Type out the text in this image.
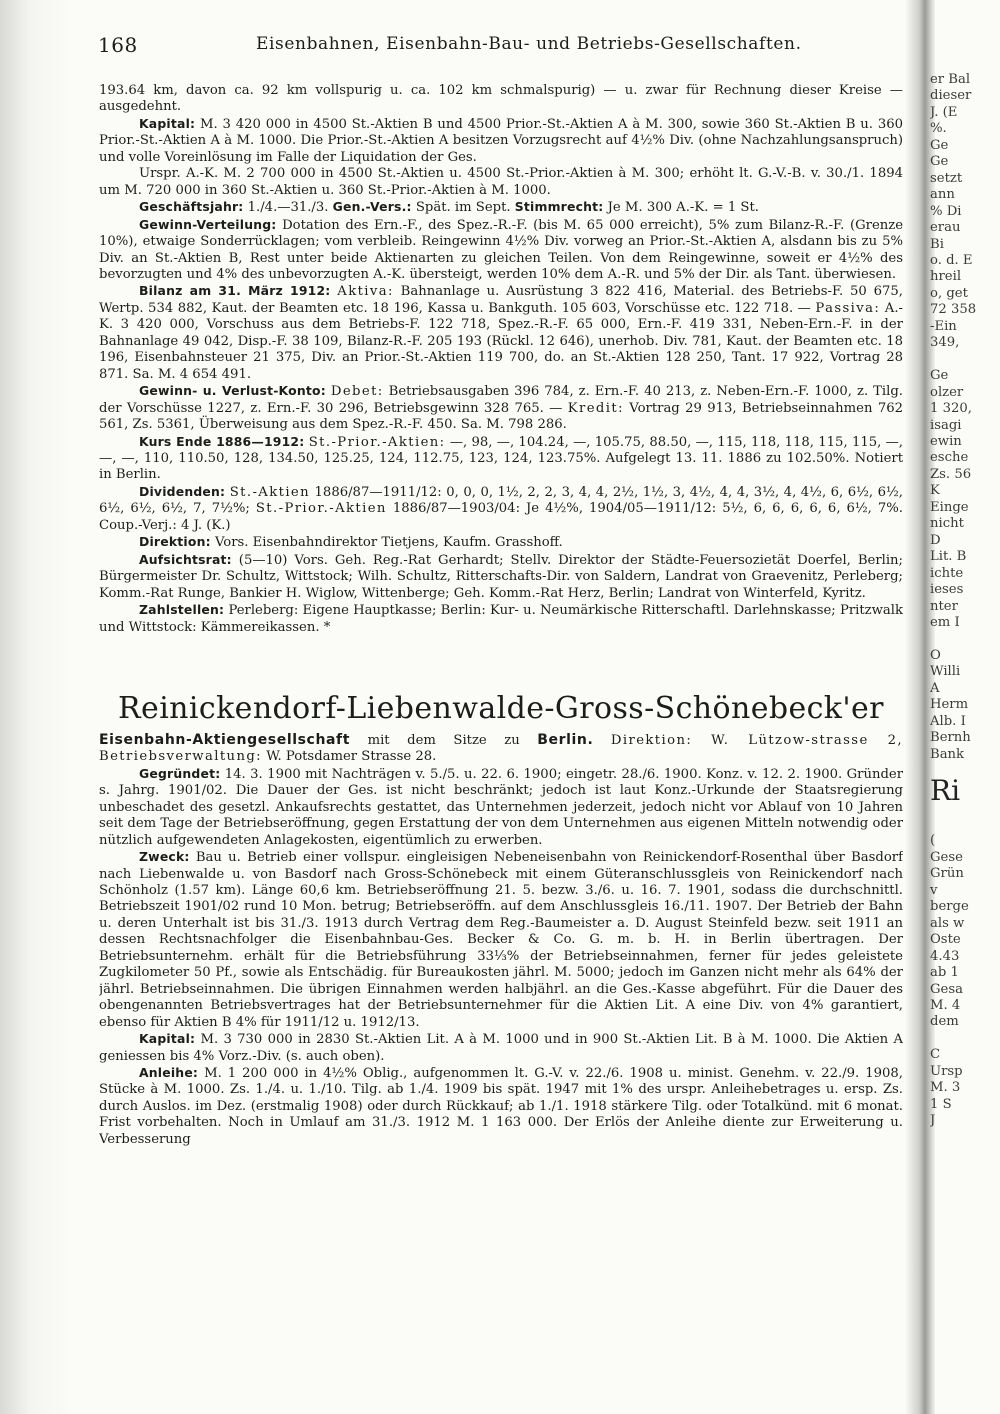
168	Eisenbahnen, Eisenbahn-Bau- und Betriebs-Gesellschaften.

193.64 km, davon ca. 92 km vollspurig u. ca. 102 km schmalspurig) — u. zwar für Rechnung dieser Kreise — ausgedehnt.

Kapital: M. 3 420 000 in 4500 St.-Aktien B und 4500 Prior.-St.-Aktien A à M. 300, sowie 360 St.-Aktien B u. 360 Prior.-St.-Aktien A à M. 1000. Die Prior.-St.-Aktien A besitzen Vorzugsrecht auf 4½% Div. (ohne Nachzahlungsanspruch) und volle Voreinlösung im Falle der Liquidation der Ges.

Urspr. A.-K. M. 2 700 000 in 4500 St.-Aktien u. 4500 St.-Prior.-Aktien à M. 300; erhöht lt. G.-V.-B. v. 30./1. 1894 um M. 720 000 in 360 St.-Aktien u. 360 St.-Prior.-Aktien à M. 1000.

Geschäftsjahr: 1./4.—31./3. Gen.-Vers.: Spät. im Sept. Stimmrecht: Je M. 300 A.-K. = 1 St.

Gewinn-Verteilung: Dotation des Ern.-F., des Spez.-R.-F. (bis M. 65 000 erreicht), 5% zum Bilanz-R.-F. (Grenze 10%), etwaige Sonderrücklagen; vom verbleib. Reingewinn 4½% Div. vorweg an Prior.-St.-Aktien A, alsdann bis zu 5% Div. an St.-Aktien B, Rest unter beide Aktienarten zu gleichen Teilen. Von dem Reingewinne, soweit er 4½% des bevorzugten und 4% des unbevorzugten A.-K. übersteigt, werden 10% dem A.-R. und 5% der Dir. als Tant. überwiesen.

Bilanz am 31. März 1912: Aktiva: Bahnanlage u. Ausrüstung 3 822 416, Material. des Betriebs-F. 50 675, Wertp. 534 882, Kaut. der Beamten etc. 18 196, Kassa u. Bankguth. 105 603, Vorschüsse etc. 122 718. — Passiva: A.-K. 3 420 000, Vorschuss aus dem Betriebs-F. 122 718, Spez.-R.-F. 65 000, Ern.-F. 419 331, Neben-Ern.-F. in der Bahnanlage 49 042, Disp.-F. 38 109, Bilanz-R.-F. 205 193 (Rückl. 12 646), unerhob. Div. 781, Kaut. der Beamten etc. 18 196, Eisenbahnsteuer 21 375, Div. an Prior.-St.-Aktien 119 700, do. an St.-Aktien 128 250, Tant. 17 922, Vortrag 28 871. Sa. M. 4 654 491.

Gewinn- u. Verlust-Konto: Debet: Betriebsausgaben 396 784, z. Ern.-F. 40 213, z. Neben-Ern.-F. 1000, z. Tilg. der Vorschüsse 1227, z. Ern.-F. 30 296, Betriebsgewinn 328 765. — Kredit: Vortrag 29 913, Betriebseinnahmen 762 561, Zs. 5361, Überweisung aus dem Spez.-R.-F. 450. Sa. M. 798 286.

Kurs Ende 1886—1912: St.-Prior.-Aktien: —, 98, —, 104.24, —, 105.75, 88.50, —, 115, 118, 118, 115, 115, —, —, —, 110, 110.50, 128, 134.50, 125.25, 124, 112.75, 123, 124, 123.75%. Aufgelegt 13. 11. 1886 zu 102.50%. Notiert in Berlin.

Dividenden: St.-Aktien 1886/87—1911/12: 0, 0, 0, 1½, 2, 2, 3, 4, 4, 2½, 1½, 3, 4½, 4, 4, 3½, 4, 4½, 6, 6½, 6½, 6½, 6½, 6½, 7, 7½%; St.-Prior.-Aktien 1886/87—1903/04: Je 4½%, 1904/05—1911/12: 5½, 6, 6, 6, 6, 6, 6½, 7%. Coup.-Verj.: 4 J. (K.)

Direktion: Vors. Eisenbahndirektor Tietjens, Kaufm. Grasshoff.

Aufsichtsrat: (5—10) Vors. Geh. Reg.-Rat Gerhardt; Stellv. Direktor der Städte-Feuersozietät Doerfel, Berlin; Bürgermeister Dr. Schultz, Wittstock; Wilh. Schultz, Ritterschafts-Dir. von Saldern, Landrat von Graevenitz, Perleberg; Komm.-Rat Runge, Bankier H. Wiglow, Wittenberge; Geh. Komm.-Rat Herz, Berlin; Landrat von Winterfeld, Kyritz.

Zahlstellen: Perleberg: Eigene Hauptkasse; Berlin: Kur- u. Neumärkische Ritterschaftl. Darlehnskasse; Pritzwalk und Wittstock: Kämmereikassen. *

Reinickendorf-Liebenwalde-Gross-Schönebeck'er

Eisenbahn-Aktiengesellschaft mit dem Sitze zu Berlin. Direktion: W. Lützow-strasse 2, Betriebsverwaltung: W. Potsdamer Strasse 28.

Gegründet: 14. 3. 1900 mit Nachträgen v. 5./5. u. 22. 6. 1900; eingetr. 28./6. 1900. Konz. v. 12. 2. 1900. Gründer s. Jahrg. 1901/02. Die Dauer der Ges. ist nicht beschränkt; jedoch ist laut Konz.-Urkunde der Staatsregierung unbeschadet des gesetzl. Ankaufsrechts gestattet, das Unternehmen jederzeit, jedoch nicht vor Ablauf von 10 Jahren seit dem Tage der Betriebseröffnung, gegen Erstattung der von dem Unternehmen aus eigenen Mitteln notwendig oder nützlich aufgewendeten Anlagekosten, eigentümlich zu erwerben.

Zweck: Bau u. Betrieb einer vollspur. eingleisigen Nebeneisenbahn von Reinickendorf-Rosenthal über Basdorf nach Liebenwalde u. von Basdorf nach Gross-Schönebeck mit einem Güteranschlussgleis von Reinickendorf nach Schönholz (1.57 km). Länge 60,6 km. Betriebseröffnung 21. 5. bezw. 3./6. u. 16. 7. 1901, sodass die durchschnittl. Betriebszeit 1901/02 rund 10 Mon. betrug; Betriebseröffn. auf dem Anschlussgleis 16./11. 1907. Der Betrieb der Bahn u. deren Unterhalt ist bis 31./3. 1913 durch Vertrag dem Reg.-Baumeister a. D. August Steinfeld bezw. seit 1911 an dessen Rechtsnachfolger die Eisenbahnbau-Ges. Becker & Co. G. m. b. H. in Berlin übertragen. Der Betriebsunternehm. erhält für die Betriebsführung 33⅓% der Betriebseinnahmen, ferner für jedes geleistete Zugkilometer 50 Pf., sowie als Entschädig. für Bureaukosten jährl. M. 5000; jedoch im Ganzen nicht mehr als 64% der jährl. Betriebseinnahmen. Die übrigen Einnahmen werden halbjährl. an die Ges.-Kasse abgeführt. Für die Dauer des obengenannten Betriebsvertrages hat der Betriebsunternehmer für die Aktien Lit. A eine Div. von 4% garantiert, ebenso für Aktien B 4% für 1911/12 u. 1912/13.

Kapital: M. 3 730 000 in 2830 St.-Aktien Lit. A à M. 1000 und in 900 St.-Aktien Lit. B à M. 1000. Die Aktien A geniessen bis 4% Vorz.-Div. (s. auch oben).

Anleihe: M. 1 200 000 in 4½% Oblig., aufgenommen lt. G.-V. v. 22./6. 1908 u. minist. Genehm. v. 22./9. 1908, Stücke à M. 1000. Zs. 1./4. u. 1./10. Tilg. ab 1./4. 1909 bis spät. 1947 mit 1% des urspr. Anleihebetrages u. ersp. Zs. durch Auslos. im Dez. (erstmalig 1908) oder durch Rückkauf; ab 1./1. 1918 stärkere Tilg. oder Totalkünd. mit 6 monat. Frist vorbehalten. Noch in Umlauf am 31./3. 1912 M. 1 163 000. Der Erlös der Anleihe diente zur Erweiterung u. Verbesserung

er Bal
dieser
J. (E
%.
Ge
Ge
setzt
ann
% Di
erau
Bi
o. d. E
hreil
o, get
72 358
-Ein
349,

Ge
olzer
1 320,
isagi
ewin
esche
Zs. 56
K
Einge
nicht
D
Lit. B
ichte
ieses
nter
em I

O
Willi
A
Herm
Alb. I
Bernh
Bank
Ri

(
Gese
Grün
v
berge
als w
Oste
4.43
ab 1
Gesa
M. 4
dem

C
Ursp
M. 3
1 S
J
